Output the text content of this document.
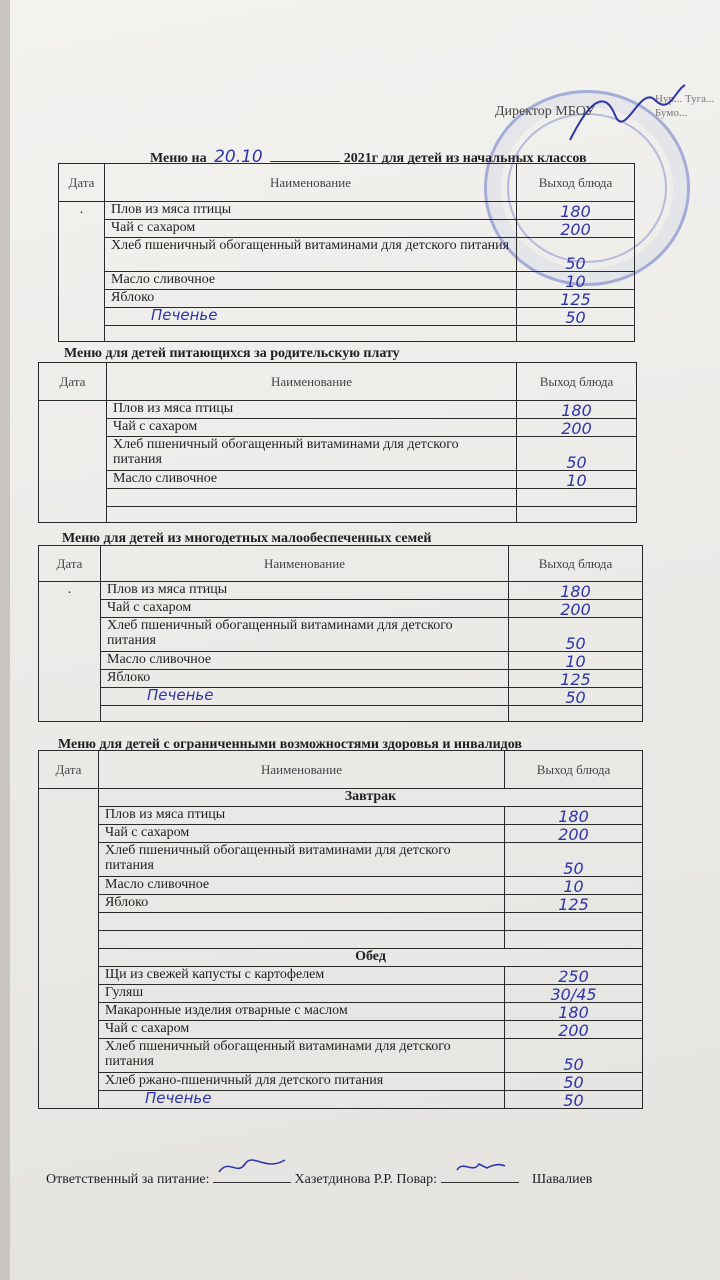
Директор МБОУ
Нур... Туга... Бумо...
Меню на 20.10	2021г для детей из начальных классов
Дата	Наименование	Выход блюда
.	Плов из мяса птицы	180
	Чай с сахаром	200
	Хлеб пшеничный обогащенный витаминами для детского питания	50
	Масло сливочное	10
	Яблоко	125
	Печенье	50

Меню для детей питающихся за родительскую плату
Дата	Наименование	Выход блюда
	Плов из мяса птицы	180
	Чай с сахаром	200
	Хлеб пшеничный обогащенный витаминами для детского питания	50
	Масло сливочное	10

Меню для детей из многодетных малообеспеченных семей
Дата	Наименование	Выход блюда
.	Плов из мяса птицы	180
	Чай с сахаром	200
	Хлеб пшеничный обогащенный витаминами для детского питания	50
	Масло сливочное	10
	Яблоко	125
	Печенье	50

Меню для детей с ограниченными возможностями здоровья и инвалидов
Дата	Наименование	Выход блюда
	Завтрак	
	Плов из мяса птицы	180
	Чай с сахаром	200
	Хлеб пшеничный обогащенный витаминами для детского питания	50
	Масло сливочное	10
	Яблоко	125

	Обед	
	Щи из свежей капусты с картофелем	250
	Гуляш	30/45
	Макаронные изделия отварные с маслом	180
	Чай с сахаром	200
	Хлеб пшеничный обогащенный витаминами для детского питания	50
	Хлеб ржано-пшеничный для детского питания	50
	Печенье	50
Ответственный за питание:	Хазетдинова Р.Р. Повар:	Шавалиев
